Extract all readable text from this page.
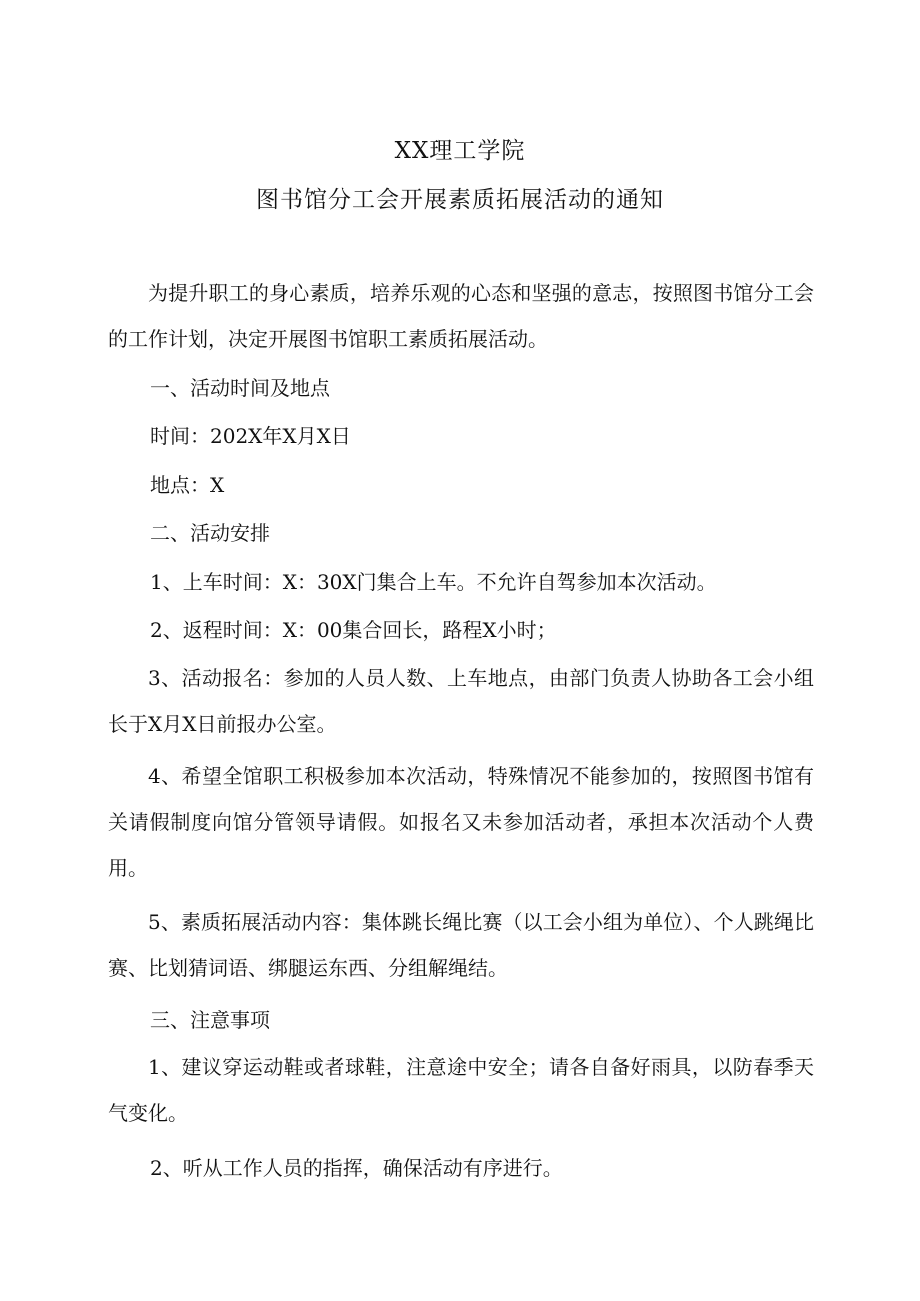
XX理工学院
图书馆分工会开展素质拓展活动的通知

为提升职工的身心素质，培养乐观的心态和坚强的意志，按照图书馆分工会的工作计划，决定开展图书馆职工素质拓展活动。

一、活动时间及地点
时间：202X年X月X日
地点：X
二、活动安排
1、上车时间：X：30X门集合上车。不允许自驾参加本次活动。
2、返程时间：X：00集合回长，路程X小时；

3、活动报名：参加的人员人数、上车地点，由部门负责人协助各工会小组长于X月X日前报办公室。

4、希望全馆职工积极参加本次活动，特殊情况不能参加的，按照图书馆有关请假制度向馆分管领导请假。如报名又未参加活动者，承担本次活动个人费用。

5、素质拓展活动内容：集体跳长绳比赛（以工会小组为单位）、个人跳绳比赛、比划猜词语、绑腿运东西、分组解绳结。

三、注意事项

1、建议穿运动鞋或者球鞋，注意途中安全；请各自备好雨具，以防春季天气变化。

2、听从工作人员的指挥，确保活动有序进行。
